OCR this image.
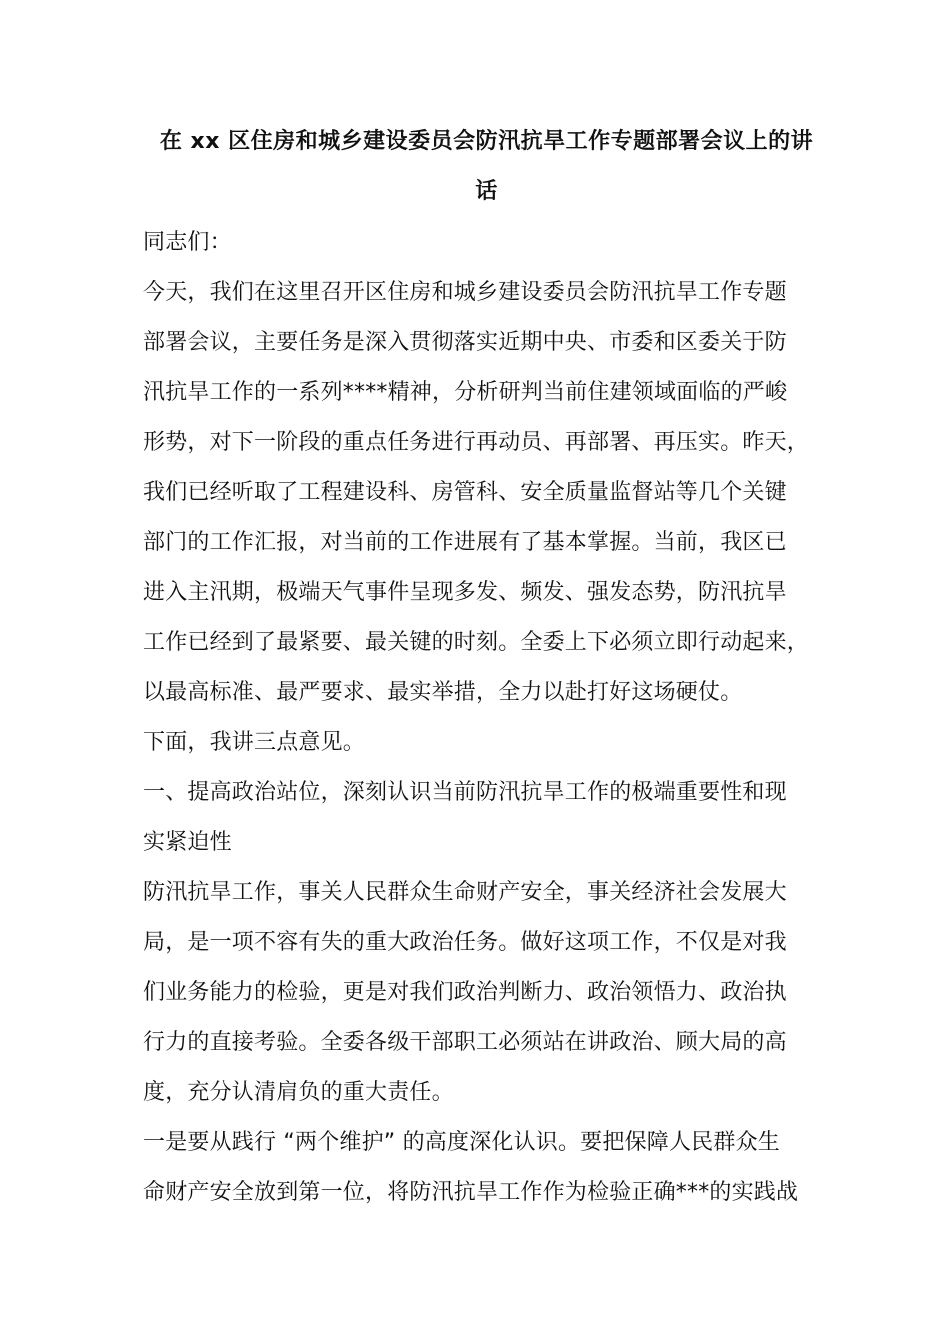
在 xx 区住房和城乡建设委员会防汛抗旱工作专题部署会议上的讲

话

同志们：

今天，我们在这里召开区住房和城乡建设委员会防汛抗旱工作专题

部署会议，主要任务是深入贯彻落实近期中央、市委和区委关于防

汛抗旱工作的一系列****精神，分析研判当前住建领域面临的严峻

形势，对下一阶段的重点任务进行再动员、再部署、再压实。昨天，

我们已经听取了工程建设科、房管科、安全质量监督站等几个关键

部门的工作汇报，对当前的工作进展有了基本掌握。当前，我区已

进入主汛期，极端天气事件呈现多发、频发、强发态势，防汛抗旱

工作已经到了最紧要、最关键的时刻。全委上下必须立即行动起来，

以最高标准、最严要求、最实举措，全力以赴打好这场硬仗。

下面，我讲三点意见。

一、提高政治站位，深刻认识当前防汛抗旱工作的极端重要性和现

实紧迫性

防汛抗旱工作，事关人民群众生命财产安全，事关经济社会发展大

局，是一项不容有失的重大政治任务。做好这项工作，不仅是对我

们业务能力的检验，更是对我们政治判断力、政治领悟力、政治执

行力的直接考验。全委各级干部职工必须站在讲政治、顾大局的高

度，充分认清肩负的重大责任。

一是要从践行 “两个维护” 的高度深化认识。要把保障人民群众生

命财产安全放到第一位，将防汛抗旱工作作为检验正确***的实践战
